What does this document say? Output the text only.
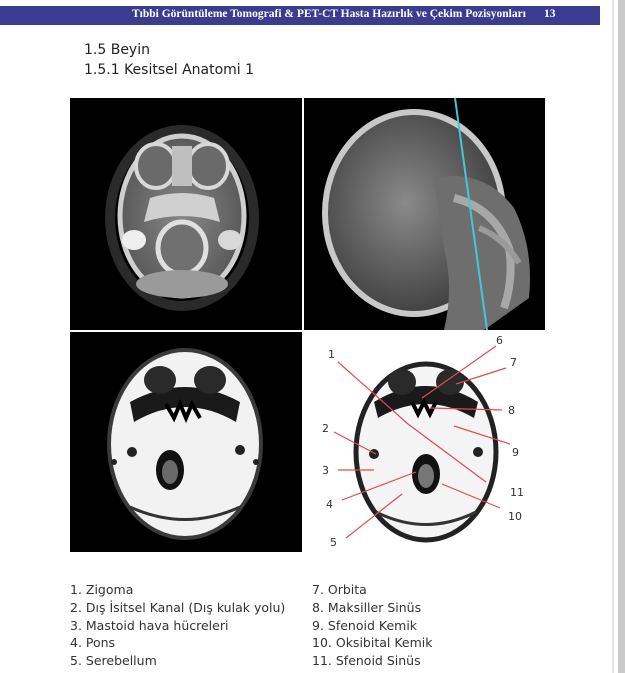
Tıbbi Görüntüleme Tomografi & PET-CT Hasta Hazırlık ve Çekim Pozisyonları 13
1.5 Beyin
1.5.1 Kesitsel Anatomi 1
1
2
3
4
5
6
7
8
9
10
11
1. Zigoma
2. Dış İsitsel Kanal (Dış kulak yolu)
3. Mastoid hava hücreleri
4. Pons
5. Serebellum
7. Orbita
8. Maksiller Sinüs
9. Sfenoid Kemik
10. Oksibital Kemik
11. Sfenoid Sinüs
